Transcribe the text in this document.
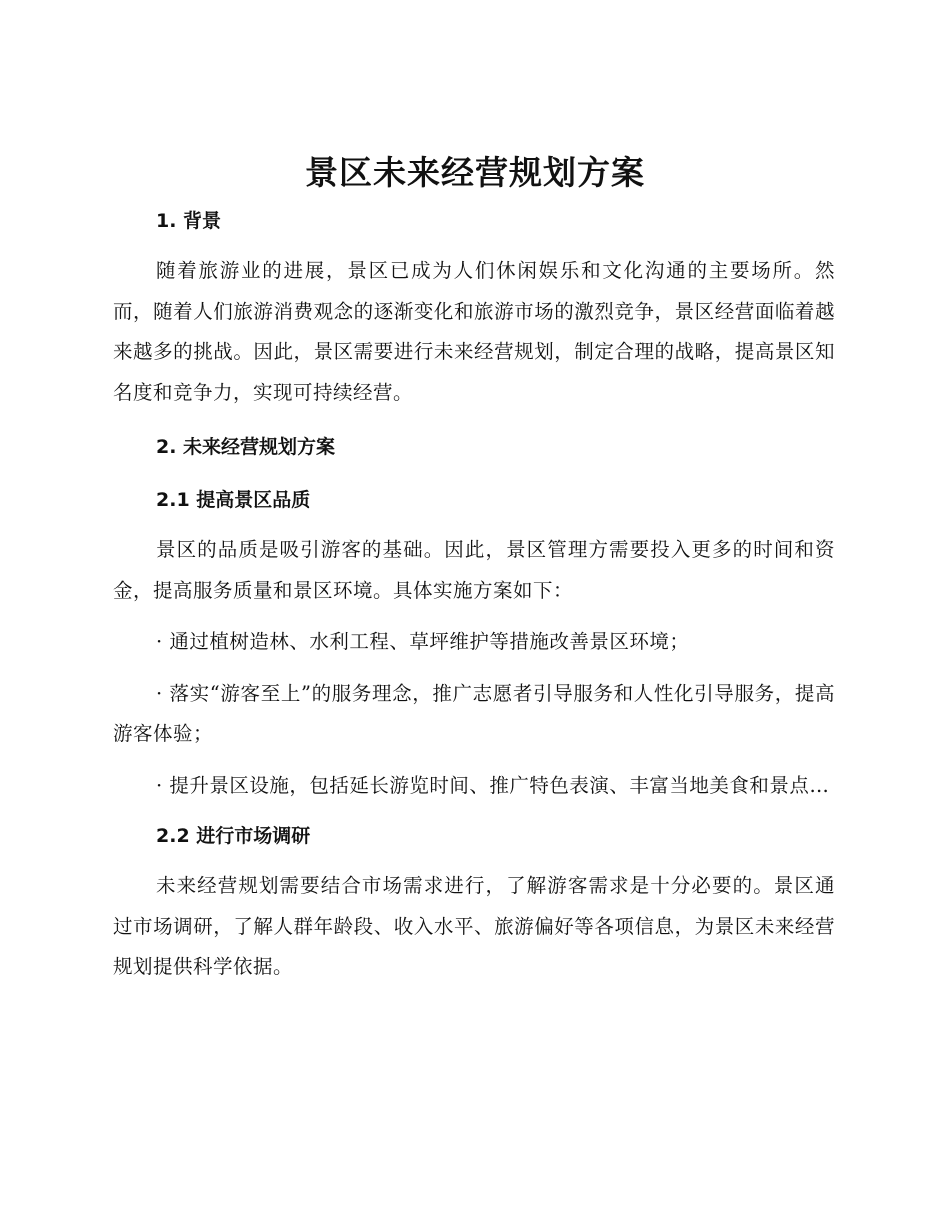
景区未来经营规划方案
1. 背景

随着旅游业的进展，景区已成为人们休闲娱乐和文化沟通的主要场所。然而，随着人们旅游消费观念的逐渐变化和旅游市场的激烈竞争，景区经营面临着越来越多的挑战。因此，景区需要进行未来经营规划，制定合理的战略，提高景区知名度和竞争力，实现可持续经营。

2. 未来经营规划方案
2.1 提高景区品质

景区的品质是吸引游客的基础。因此，景区管理方需要投入更多的时间和资金，提高服务质量和景区环境。具体实施方案如下：

· 通过植树造林、水利工程、草坪维护等措施改善景区环境；

· 落实“游客至上”的服务理念，推广志愿者引导服务和人性化引导服务，提高游客体验；

· 提升景区设施，包括延长游览时间、推广特色表演、丰富当地美食和景点…

2.2 进行市场调研

未来经营规划需要结合市场需求进行，了解游客需求是十分必要的。景区通过市场调研，了解人群年龄段、收入水平、旅游偏好等各项信息，为景区未来经营规划提供科学依据。
